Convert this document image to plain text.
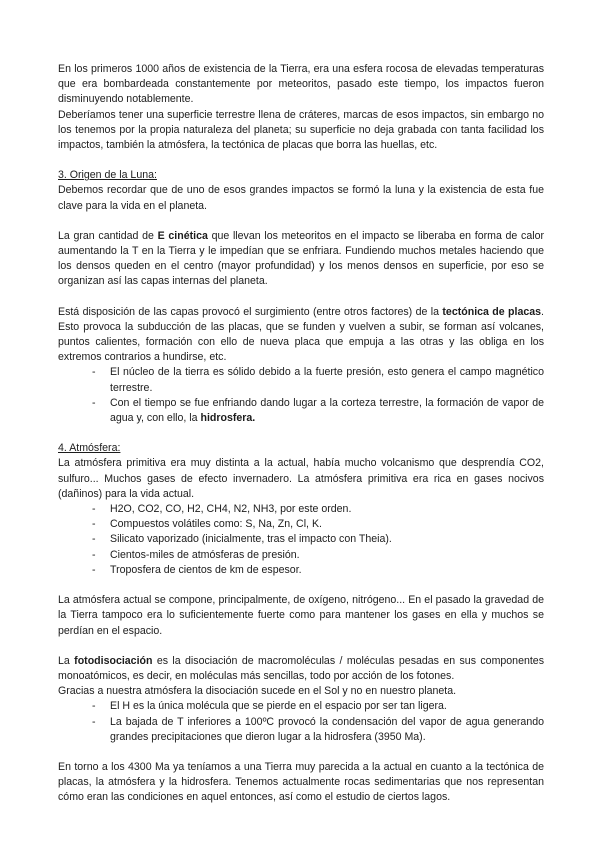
En los primeros 1000 años de existencia de la Tierra, era una esfera rocosa de elevadas temperaturas que era bombardeada constantemente por meteoritos, pasado este tiempo, los impactos fueron disminuyendo notablemente.

Deberíamos tener una superficie terrestre llena de cráteres, marcas de esos impactos, sin embargo no los tenemos por la propia naturaleza del planeta; su superficie no deja grabada con tanta facilidad los impactos, también la atmósfera, la tectónica de placas que borra las huellas, etc.

3. Origen de la Luna:

Debemos recordar que de uno de esos grandes impactos se formó la luna y la existencia de esta fue clave para la vida en el planeta.

La gran cantidad de E cinética que llevan los meteoritos en el impacto se liberaba en forma de calor aumentando la T en la Tierra y le impedían que se enfriara. Fundiendo muchos metales haciendo que los densos queden en el centro (mayor profundidad) y los menos densos en superficie, por eso se organizan así las capas internas del planeta.

Está disposición de las capas provocó el surgimiento (entre otros factores) de la tectónica de placas. Esto provoca la subducción de las placas, que se funden y vuelven a subir, se forman así volcanes, puntos calientes, formación con ello de nueva placa que empuja a las otras y las obliga en los extremos contrarios a hundirse, etc.

- El núcleo de la tierra es sólido debido a la fuerte presión, esto genera el campo magnético terrestre.
- Con el tiempo se fue enfriando dando lugar a la corteza terrestre, la formación de vapor de agua y, con ello, la hidrosfera.

4. Atmósfera:

La atmósfera primitiva era muy distinta a la actual, había mucho volcanismo que desprendía CO2, sulfuro... Muchos gases de efecto invernadero. La atmósfera primitiva era rica en gases nocivos (dañinos) para la vida actual.

- H2O, CO2, CO, H2, CH4, N2, NH3, por este orden.
- Compuestos volátiles como: S, Na, Zn, Cl, K.
- Silicato vaporizado (inicialmente, tras el impacto con Theia).
- Cientos-miles de atmósferas de presión.
- Troposfera de cientos de km de espesor.

La atmósfera actual se compone, principalmente, de oxígeno, nitrógeno... En el pasado la gravedad de la Tierra tampoco era lo suficientemente fuerte como para mantener los gases en ella y muchos se perdían en el espacio.

La fotodisociación es la disociación de macromoléculas / moléculas pesadas en sus componentes monoatómicos, es decir, en moléculas más sencillas, todo por acción de los fotones.

Gracias a nuestra atmósfera la disociación sucede en el Sol y no en nuestro planeta.

- El H es la única molécula que se pierde en el espacio por ser tan ligera.
- La bajada de T inferiores a 100ºC provocó la condensación del vapor de agua generando grandes precipitaciones que dieron lugar a la hidrosfera (3950 Ma).

En torno a los 4300 Ma ya teníamos a una Tierra muy parecida a la actual en cuanto a la tectónica de placas, la atmósfera y la hidrosfera. Tenemos actualmente rocas sedimentarias que nos representan cómo eran las condiciones en aquel entonces, así como el estudio de ciertos lagos.
